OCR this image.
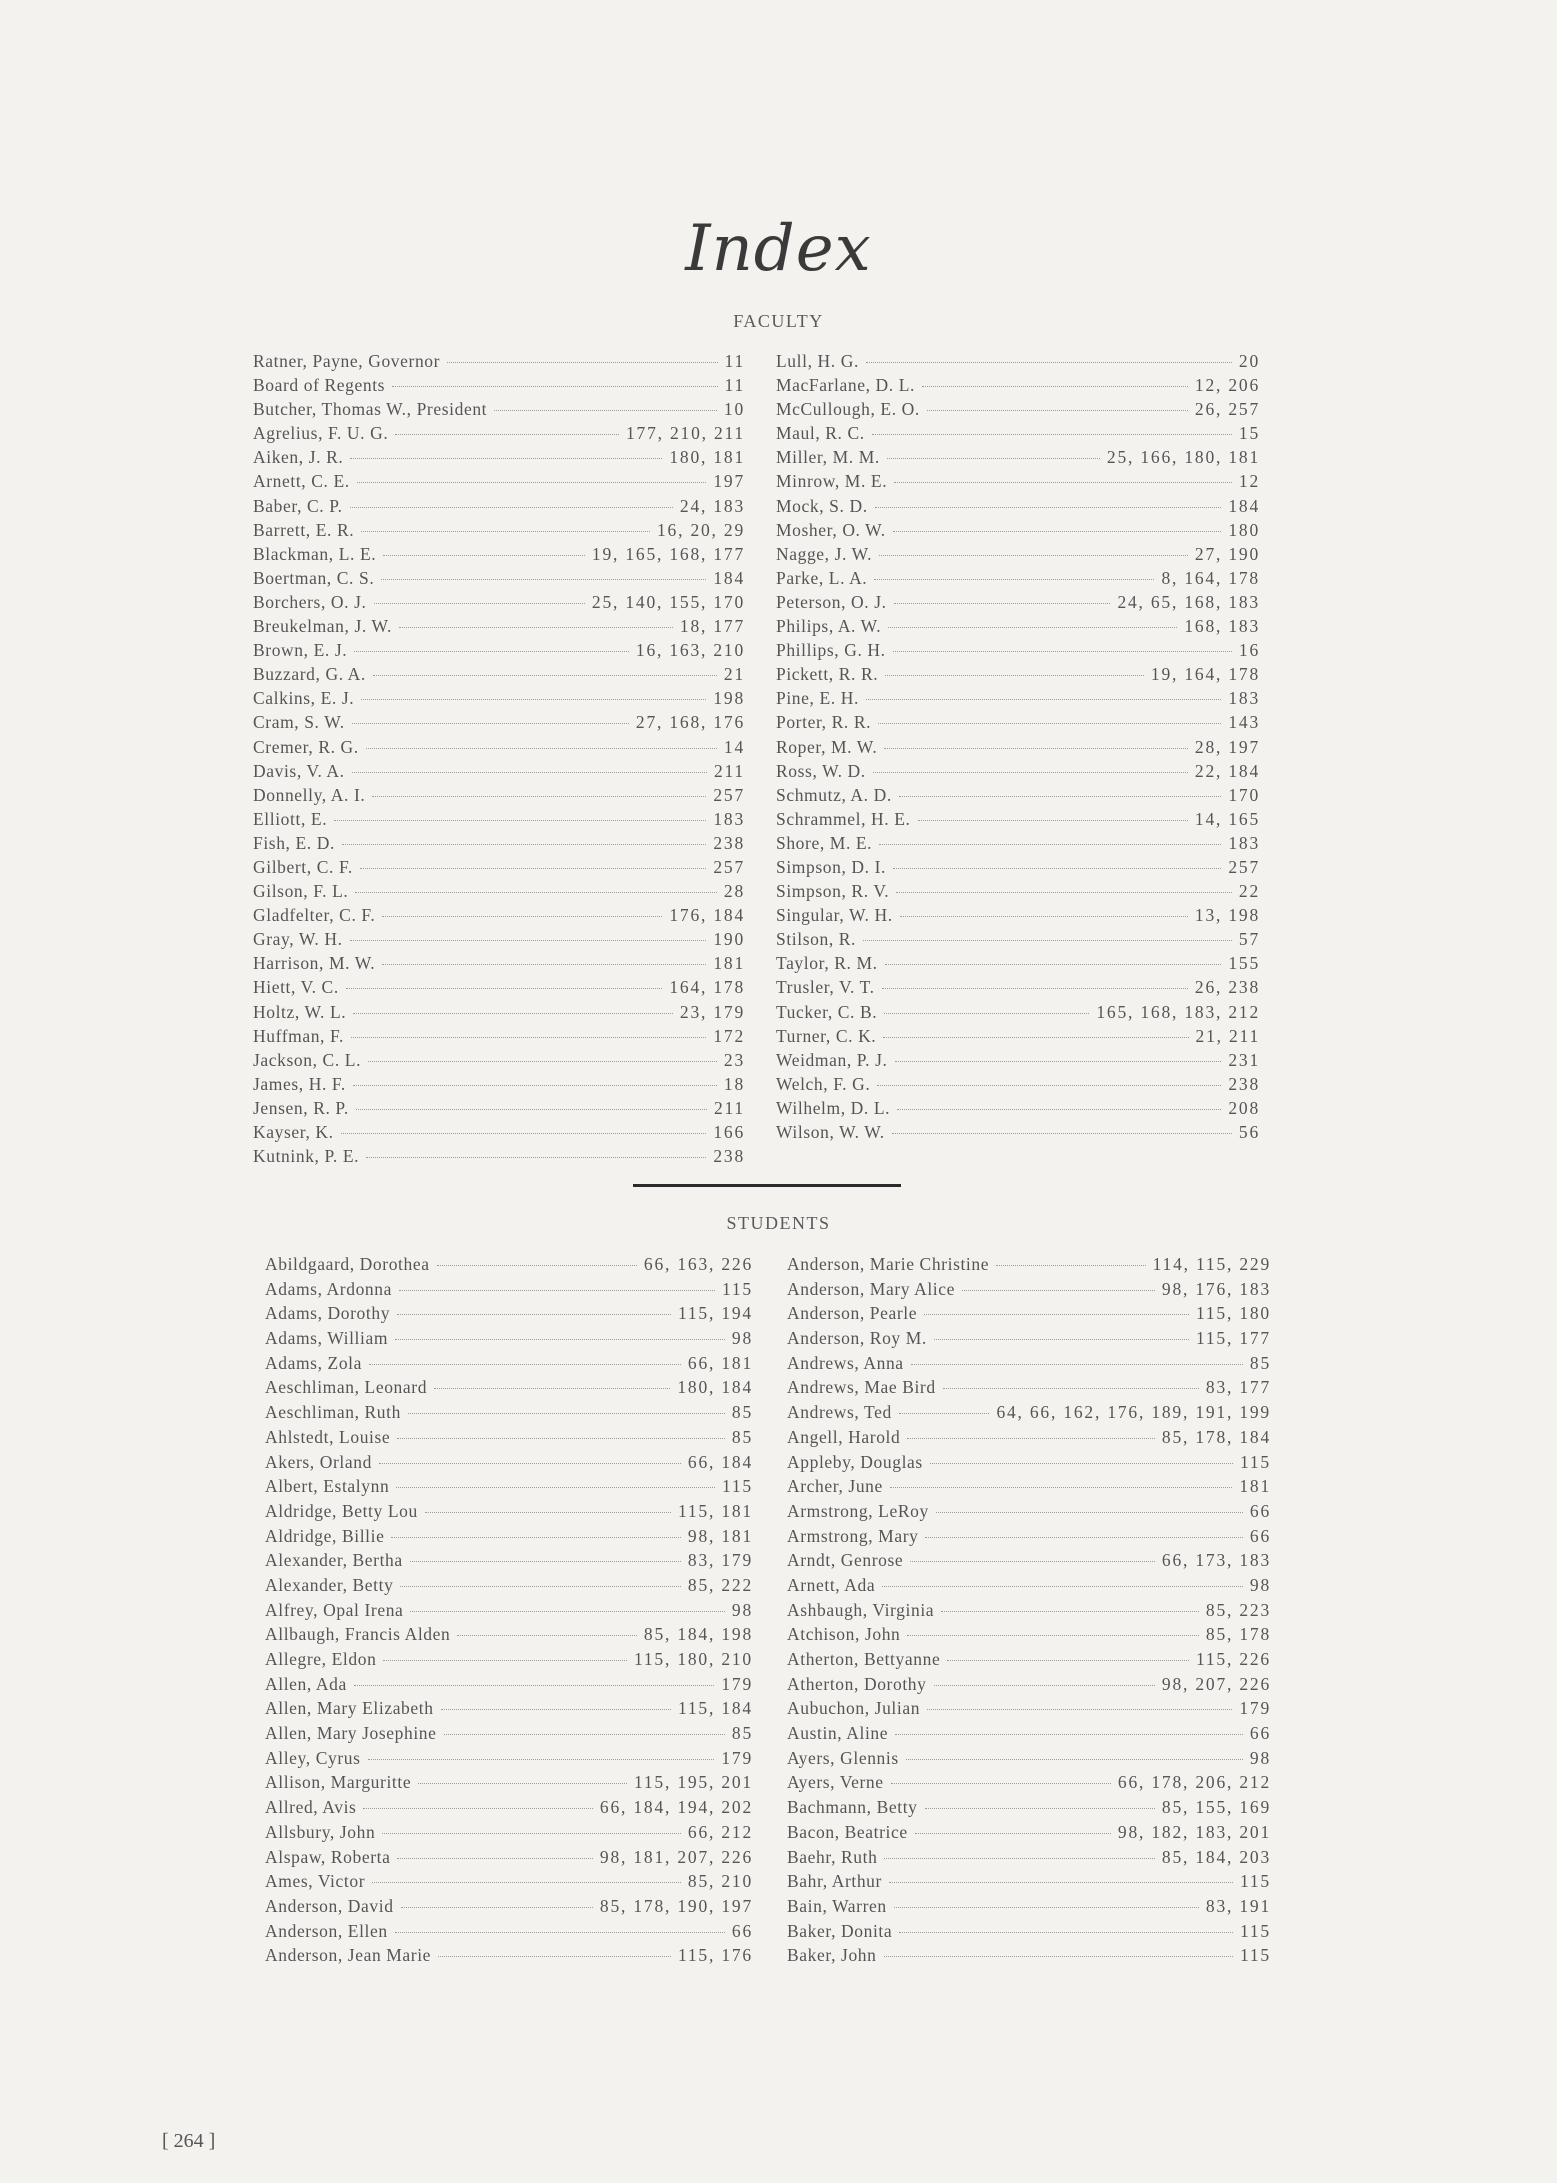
Index
FACULTY
Ratner, Payne, Governor	11
Board of Regents	11
Butcher, Thomas W., President	10
Agrelius, F. U. G.	177, 210, 211
Aiken, J. R.	180, 181
Arnett, C. E.	197
Baber, C. P.	24, 183
Barrett, E. R.	16, 20, 29
Blackman, L. E.	19, 165, 168, 177
Boertman, C. S.	184
Borchers, O. J.	25, 140, 155, 170
Breukelman, J. W.	18, 177
Brown, E. J.	16, 163, 210
Buzzard, G. A.	21
Calkins, E. J.	198
Cram, S. W.	27, 168, 176
Cremer, R. G.	14
Davis, V. A.	211
Donnelly, A. I.	257
Elliott, E.	183
Fish, E. D.	238
Gilbert, C. F.	257
Gilson, F. L.	28
Gladfelter, C. F.	176, 184
Gray, W. H.	190
Harrison, M. W.	181
Hiett, V. C.	164, 178
Holtz, W. L.	23, 179
Huffman, F.	172
Jackson, C. L.	23
James, H. F.	18
Jensen, R. P.	211
Kayser, K.	166
Kutnink, P. E.	238
Lull, H. G.	20
MacFarlane, D. L.	12, 206
McCullough, E. O.	26, 257
Maul, R. C.	15
Miller, M. M.	25, 166, 180, 181
Minrow, M. E.	12
Mock, S. D.	184
Mosher, O. W.	180
Nagge, J. W.	27, 190
Parke, L. A.	8, 164, 178
Peterson, O. J.	24, 65, 168, 183
Philips, A. W.	168, 183
Phillips, G. H.	16
Pickett, R. R.	19, 164, 178
Pine, E. H.	183
Porter, R. R.	143
Roper, M. W.	28, 197
Ross, W. D.	22, 184
Schmutz, A. D.	170
Schrammel, H. E.	14, 165
Shore, M. E.	183
Simpson, D. I.	257
Simpson, R. V.	22
Singular, W. H.	13, 198
Stilson, R.	57
Taylor, R. M.	155
Trusler, V. T.	26, 238
Tucker, C. B.	165, 168, 183, 212
Turner, C. K.	21, 211
Weidman, P. J.	231
Welch, F. G.	238
Wilhelm, D. L.	208
Wilson, W. W.	56
STUDENTS
Abildgaard, Dorothea	66, 163, 226
Adams, Ardonna	115
Adams, Dorothy	115, 194
Adams, William	98
Adams, Zola	66, 181
Aeschliman, Leonard	180, 184
Aeschliman, Ruth	85
Ahlstedt, Louise	85
Akers, Orland	66, 184
Albert, Estalynn	115
Aldridge, Betty Lou	115, 181
Aldridge, Billie	98, 181
Alexander, Bertha	83, 179
Alexander, Betty	85, 222
Alfrey, Opal Irena	98
Allbaugh, Francis Alden	85, 184, 198
Allegre, Eldon	115, 180, 210
Allen, Ada	179
Allen, Mary Elizabeth	115, 184
Allen, Mary Josephine	85
Alley, Cyrus	179
Allison, Marguritte	115, 195, 201
Allred, Avis	66, 184, 194, 202
Allsbury, John	66, 212
Alspaw, Roberta	98, 181, 207, 226
Ames, Victor	85, 210
Anderson, David	85, 178, 190, 197
Anderson, Ellen	66
Anderson, Jean Marie	115, 176
Anderson, Marie Christine	114, 115, 229
Anderson, Mary Alice	98, 176, 183
Anderson, Pearle	115, 180
Anderson, Roy M.	115, 177
Andrews, Anna	85
Andrews, Mae Bird	83, 177
Andrews, Ted	64, 66, 162, 176, 189, 191, 199
Angell, Harold	85, 178, 184
Appleby, Douglas	115
Archer, June	181
Armstrong, LeRoy	66
Armstrong, Mary	66
Arndt, Genrose	66, 173, 183
Arnett, Ada	98
Ashbaugh, Virginia	85, 223
Atchison, John	85, 178
Atherton, Bettyanne	115, 226
Atherton, Dorothy	98, 207, 226
Aubuchon, Julian	179
Austin, Aline	66
Ayers, Glennis	98
Ayers, Verne	66, 178, 206, 212
Bachmann, Betty	85, 155, 169
Bacon, Beatrice	98, 182, 183, 201
Baehr, Ruth	85, 184, 203
Bahr, Arthur	115
Bain, Warren	83, 191
Baker, Donita	115
Baker, John	115
[ 264 ]
